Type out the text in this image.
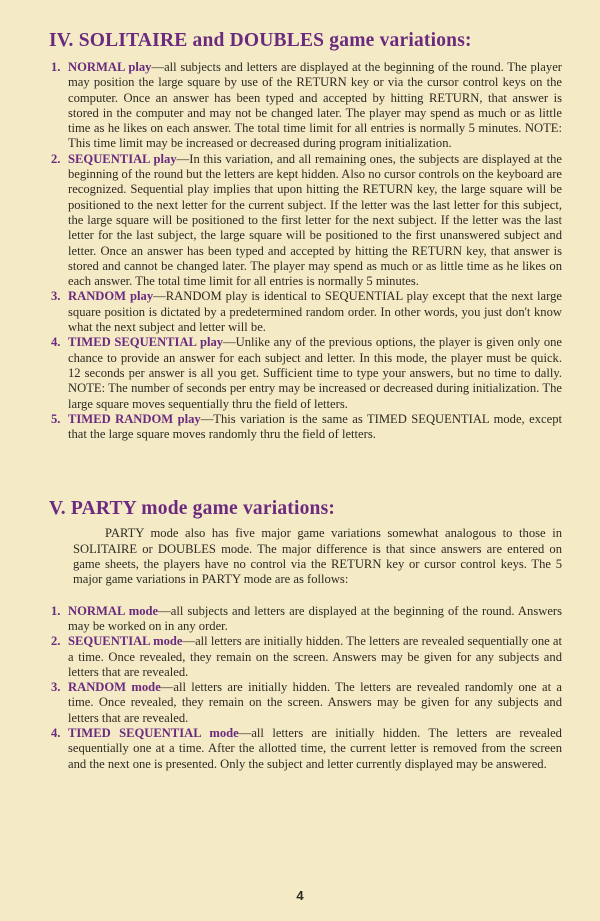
IV. SOLITAIRE and DOUBLES game variations:
1. NORMAL play—all subjects and letters are displayed at the beginning of the round. The player may position the large square by use of the RETURN key or via the cursor control keys on the computer. Once an answer has been typed and accepted by hitting RETURN, that answer is stored in the computer and may not be changed later. The player may spend as much or as little time as he likes on each answer. The total time limit for all entries is normally 5 minutes. NOTE: This time limit may be increased or decreased during program initialization.
2. SEQUENTIAL play—In this variation, and all remaining ones, the subjects are displayed at the beginning of the round but the letters are kept hidden. Also no cursor controls on the keyboard are recognized. Sequential play implies that upon hitting the RETURN key, the large square will be positioned to the next letter for the current subject. If the letter was the last letter for this subject, the large square will be positioned to the first letter for the next subject. If the letter was the last letter for the last subject, the large square will be positioned to the first unanswered subject and letter. Once an answer has been typed and accepted by hitting the RETURN key, that answer is stored and cannot be changed later. The player may spend as much or as little time as he likes on each answer. The total time limit for all entries is normally 5 minutes.
3. RANDOM play—RANDOM play is identical to SEQUENTIAL play except that the next large square position is dictated by a predetermined random order. In other words, you just don't know what the next subject and letter will be.
4. TIMED SEQUENTIAL play—Unlike any of the previous options, the player is given only one chance to provide an answer for each subject and letter. In this mode, the player must be quick. 12 seconds per answer is all you get. Sufficient time to type your answers, but no time to dally. NOTE: The number of seconds per entry may be increased or decreased during initialization. The large square moves sequentially thru the field of letters.
5. TIMED RANDOM play—This variation is the same as TIMED SEQUENTIAL mode, except that the large square moves randomly thru the field of letters.
V. PARTY mode game variations:

PARTY mode also has five major game variations somewhat analogous to those in SOLITAIRE or DOUBLES mode. The major difference is that since answers are entered on game sheets, the players have no control via the RETURN key or cursor control keys. The 5 major game variations in PARTY mode are as follows:

1. NORMAL mode—all subjects and letters are displayed at the beginning of the round. Answers may be worked on in any order.
2. SEQUENTIAL mode—all letters are initially hidden. The letters are revealed sequentially one at a time. Once revealed, they remain on the screen. Answers may be given for any subjects and letters that are revealed.
3. RANDOM mode—all letters are initially hidden. The letters are revealed randomly one at a time. Once revealed, they remain on the screen. Answers may be given for any subjects and letters that are revealed.
4. TIMED SEQUENTIAL mode—all letters are initially hidden. The letters are revealed sequentially one at a time. After the allotted time, the current letter is removed from the screen and the next one is presented. Only the subject and letter currently displayed may be answered.
4
